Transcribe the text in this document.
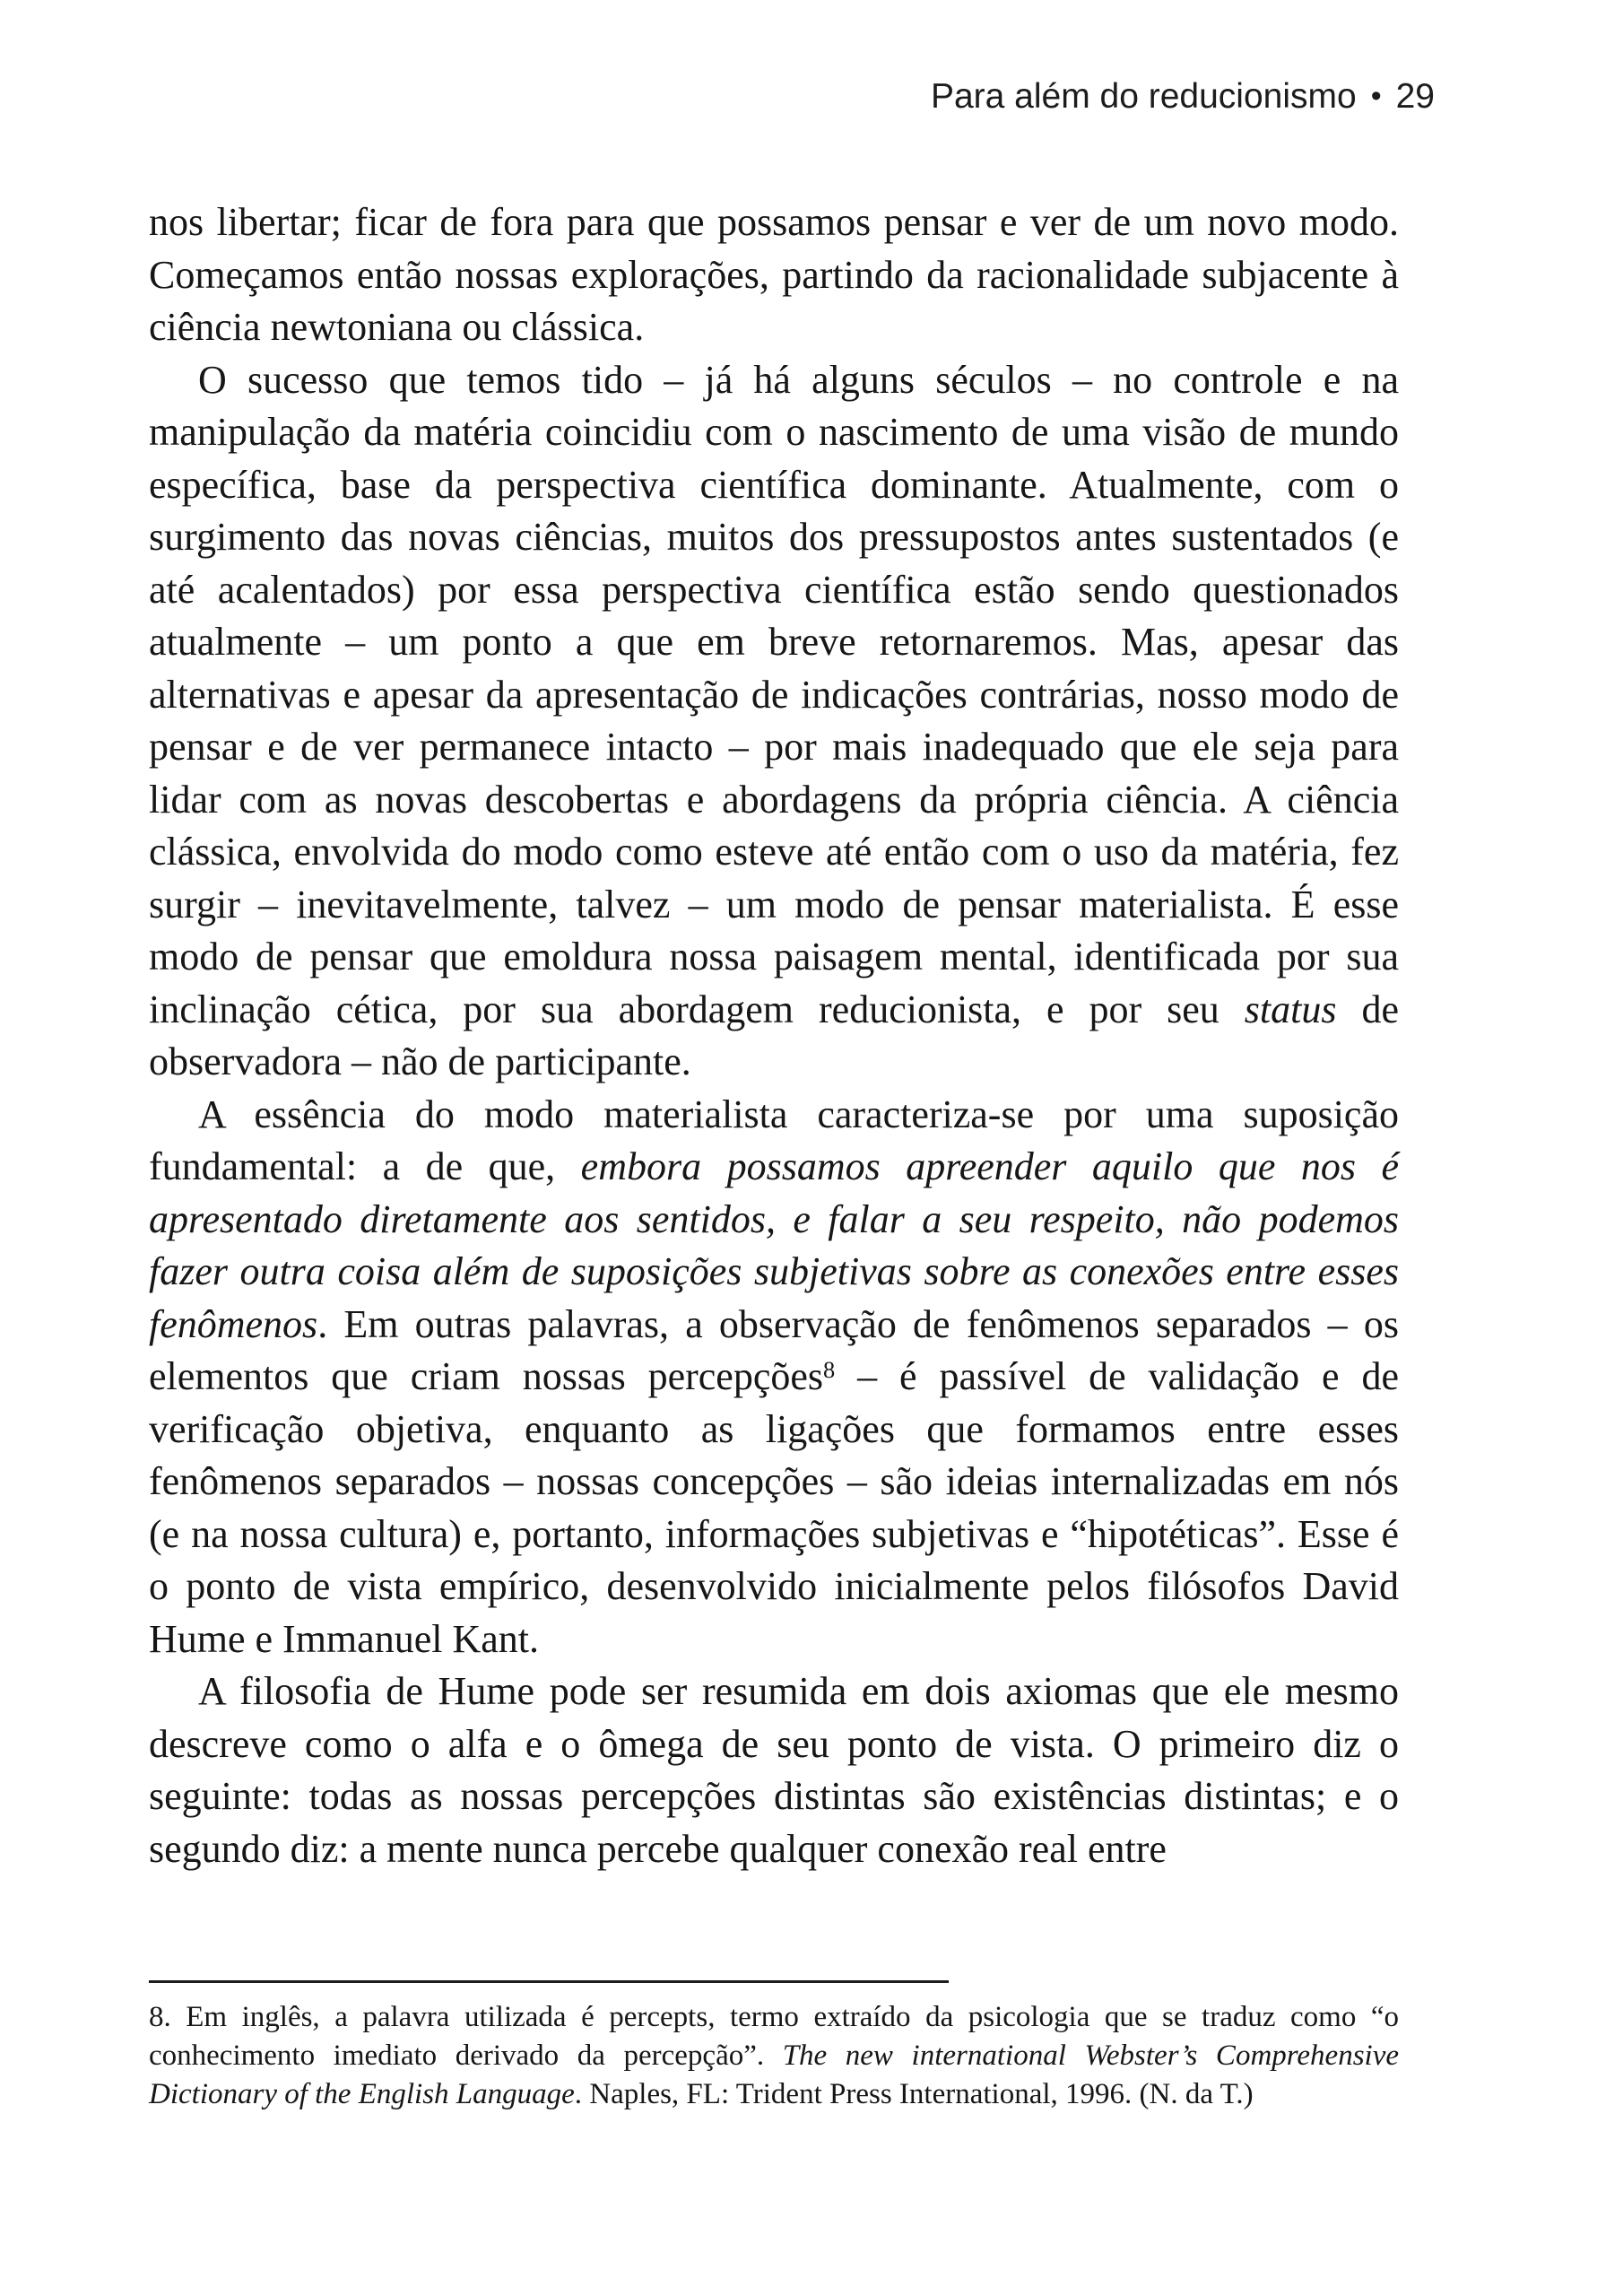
Para além do reducionismo • 29

nos libertar; ficar de fora para que possamos pensar e ver de um novo modo. Começamos então nossas explorações, partindo da racionalidade subjacente à ciência newtoniana ou clássica.

O sucesso que temos tido – já há alguns séculos – no controle e na manipulação da matéria coincidiu com o nascimento de uma visão de mundo específica, base da perspectiva científica dominante. Atualmente, com o surgimento das novas ciências, muitos dos pressupostos antes sustentados (e até acalentados) por essa perspectiva científica estão sendo questionados atualmente – um ponto a que em breve retornaremos. Mas, apesar das alternativas e apesar da apresentação de indicações contrárias, nosso modo de pensar e de ver permanece intacto – por mais inadequado que ele seja para lidar com as novas descobertas e abordagens da própria ciência. A ciência clássica, envolvida do modo como esteve até então com o uso da matéria, fez surgir – inevitavelmente, talvez – um modo de pensar materialista. É esse modo de pensar que emoldura nossa paisagem mental, identificada por sua inclinação cética, por sua abordagem reducionista, e por seu status de observadora – não de participante.

A essência do modo materialista caracteriza-se por uma suposição fundamental: a de que, embora possamos apreender aquilo que nos é apresentado diretamente aos sentidos, e falar a seu respeito, não podemos fazer outra coisa além de suposições subjetivas sobre as conexões entre esses fenômenos. Em outras palavras, a observação de fenômenos separados – os elementos que criam nossas percepções$^8$ – é passível de validação e de verificação objetiva, enquanto as ligações que formamos entre esses fenômenos separados – nossas concepções – são ideias internalizadas em nós (e na nossa cultura) e, portanto, informações subjetivas e “hipotéticas”. Esse é o ponto de vista empírico, desenvolvido inicialmente pelos filósofos David Hume e Immanuel Kant.

A filosofia de Hume pode ser resumida em dois axiomas que ele mesmo descreve como o alfa e o ômega de seu ponto de vista. O primeiro diz o seguinte: todas as nossas percepções distintas são existências distintas; e o segundo diz: a mente nunca percebe qualquer conexão real entre

8. Em inglês, a palavra utilizada é percepts, termo extraído da psicologia que se traduz como “o conhecimento imediato derivado da percepção”. The new international Webster’s Comprehensive Dictionary of the English Language. Naples, FL: Trident Press International, 1996. (N. da T.)
